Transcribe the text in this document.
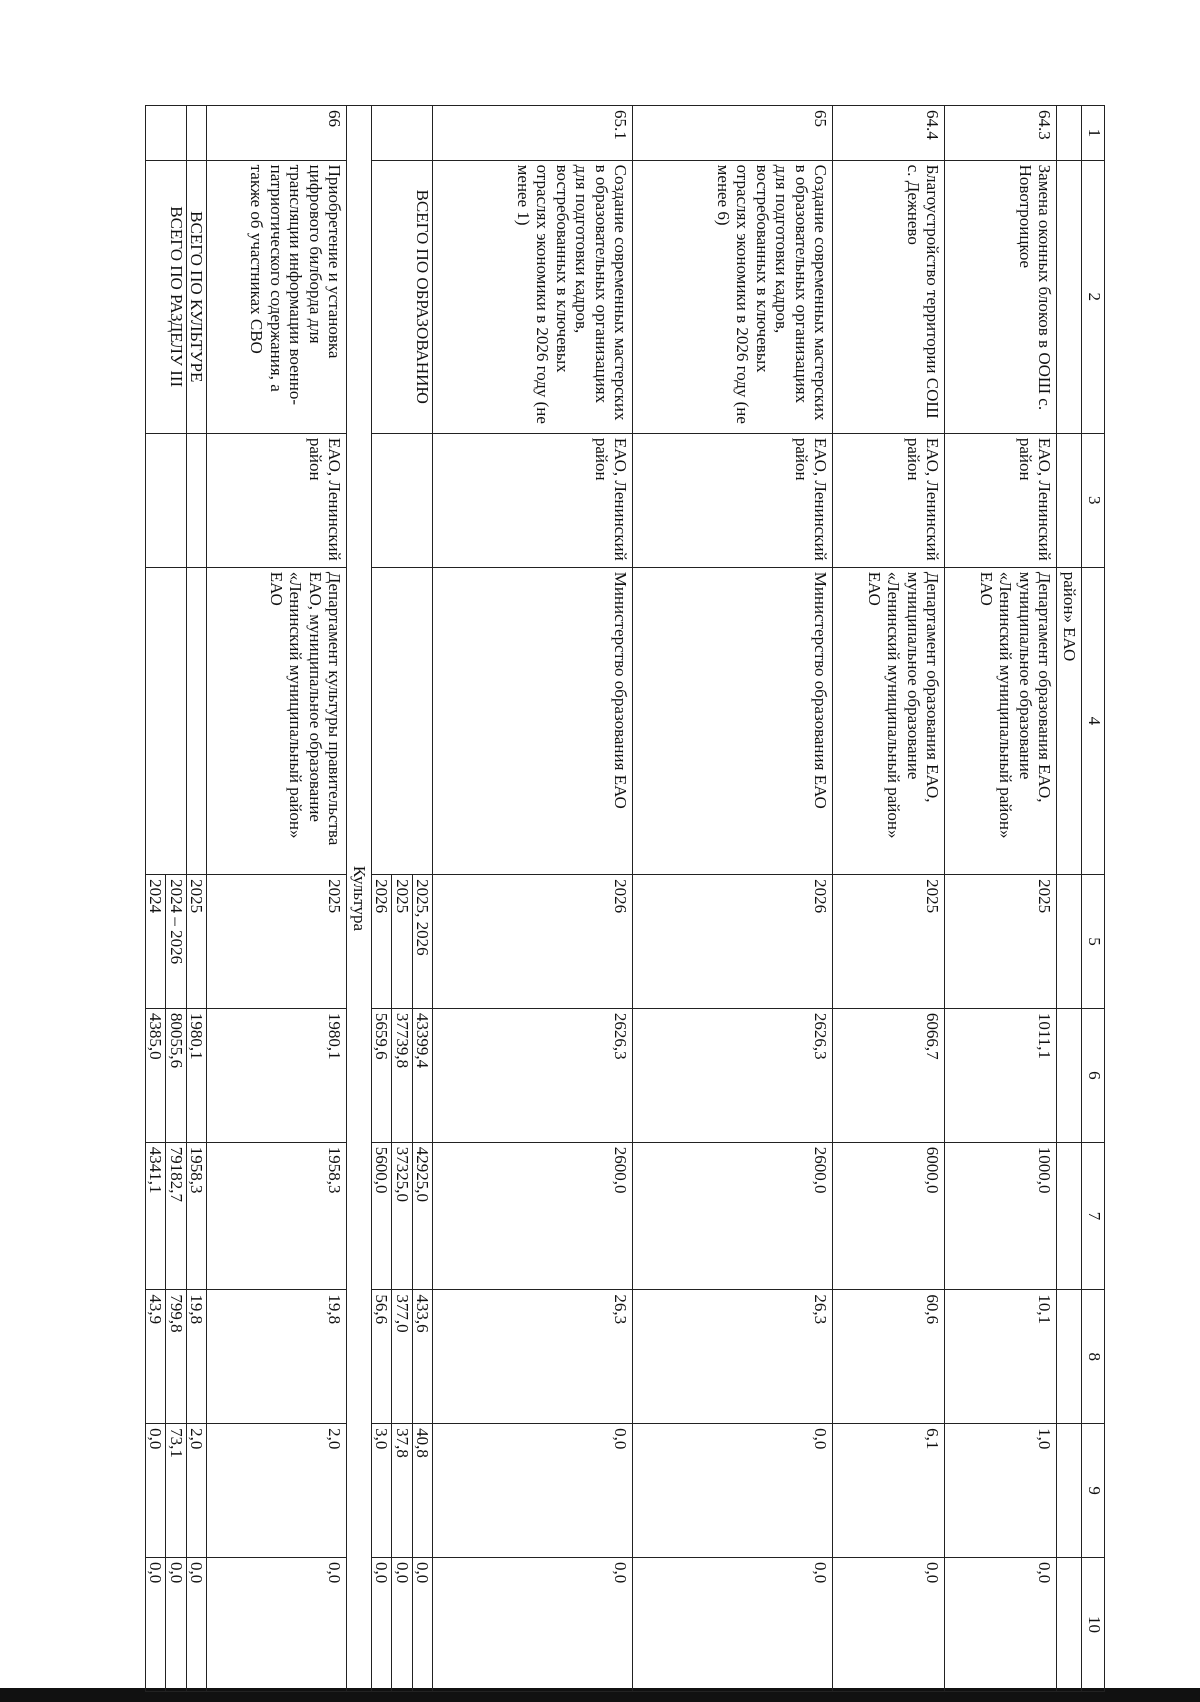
1	2	3	4	5	6	7	8	9	10
			район» ЕАО						
64.3	Замена оконных блоков в ООШ с. Новотроицкое	ЕАО, Ленинский район	Департамент образования ЕАО, муниципальное образование «Ленинский муниципальный район» ЕАО	2025	1011,1	1000,0	10,1	1,0	0,0
64.4	Благоустройство территории СОШ с. Дежнево	ЕАО, Ленинский район	Департамент образования ЕАО, муниципальное образование «Ленинский муниципальный район» ЕАО	2025	6066,7	6000,0	60,6	6,1	0,0
65	Создание современных мастерских в образовательных организациях для подготовки кадров, востребованных в ключевых отраслях экономики в 2026 году (не менее 6)	ЕАО, Ленинский район	Министерство образования ЕАО	2026	2626,3	2600,0	26,3	0,0	0,0
65.1	Создание современных мастерских в образовательных организациях для подготовки кадров, востребованных в ключевых отраслях экономики в 2026 году (не менее 1)	ЕАО, Ленинский район	Министерство образования ЕАО	2026	2626,3	2600,0	26,3	0,0	0,0
	ВСЕГО ПО ОБРАЗОВАНИЮ			2025, 2026	43399,4	42925,0	433,6	40,8	0,0
				2025	37739,8	37325,0	377,0	37,8	0,0
				2026	5659,6	5600,0	56,6	3,0	0,0
Культура									
66	Приобретение и установка цифрового билборда для трансляции информации военно-патриотического содержания, а также об участниках СВО	ЕАО, Ленинский район	Департамент культуры правительства ЕАО, муниципальное образование «Ленинский муниципальный район» ЕАО	2025	1980,1	1958,3	19,8	2,0	0,0
	ВСЕГО ПО КУЛЬТУРЕ			2025	1980,1	1958,3	19,8	2,0	0,0
	ВСЕГО ПО РАЗДЕЛУ III			2024 – 2026	80055,6	79182,7	799,8	73,1	0,0
				2024	4385,0	4341,1	43,9	0,0	0,0
